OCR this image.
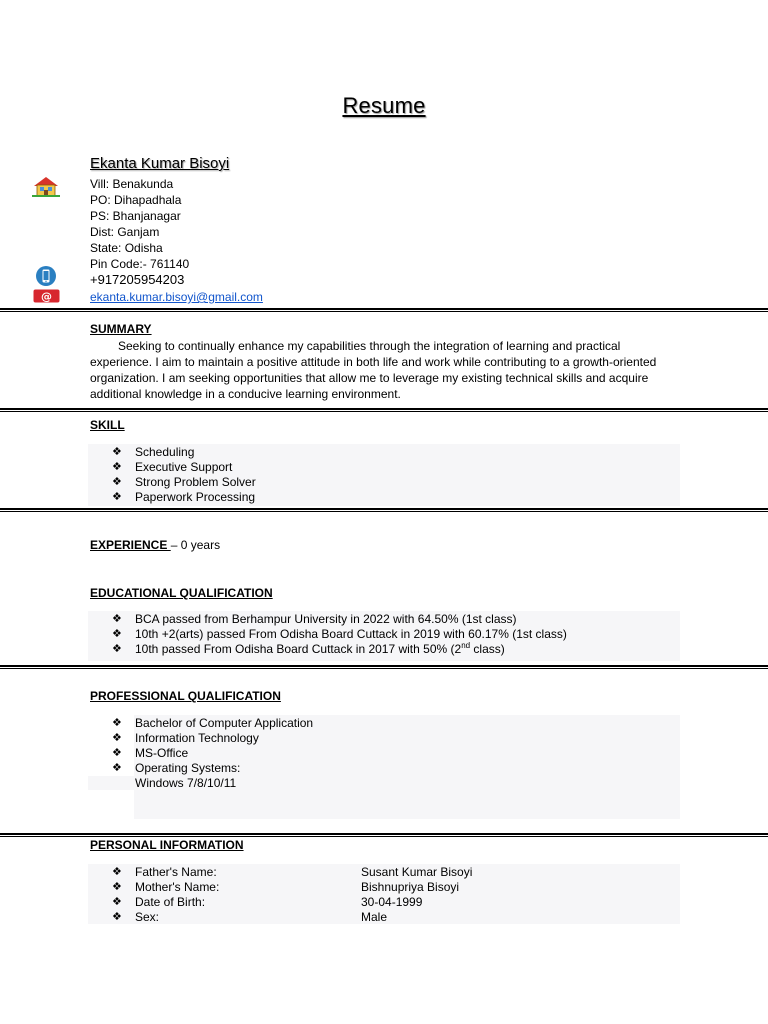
Resume
Ekanta Kumar Bisoyi
Vill: Benakunda
PO: Dihapadhala
PS: Bhanjanagar
Dist: Ganjam
State: Odisha
Pin Code:- 761140
+917205954203
@	ekanta.kumar.bisoyi@gmail.com
SUMMARY
Seeking to continually enhance my capabilities through the integration of learning and practical experience. I aim to maintain a positive attitude in both life and work while contributing to a growth-oriented organization. I am seeking opportunities that allow me to leverage my existing technical skills and acquire additional knowledge in a conducive learning environment.
SKILL
❖ Scheduling
❖ Executive Support
❖ Strong Problem Solver
❖ Paperwork Processing
EXPERIENCE – 0 years
EDUCATIONAL QUALIFICATION
❖ BCA passed from Berhampur University in 2022 with 64.50% (1st class)
❖ 10th +2(arts) passed From Odisha Board Cuttack in 2019 with 60.17% (1st class)
❖ 10th passed From Odisha Board Cuttack in 2017 with 50% (2nd class)
PROFESSIONAL QUALIFICATION
❖ Bachelor of Computer Application
❖ Information Technology
❖ MS-Office
❖ Operating Systems:
Windows 7/8/10/11
PERSONAL INFORMATION
❖ Father's Name:	Susant Kumar Bisoyi
❖ Mother's Name:	Bishnupriya Bisoyi
❖ Date of Birth:	30-04-1999
❖ Sex:	Male
